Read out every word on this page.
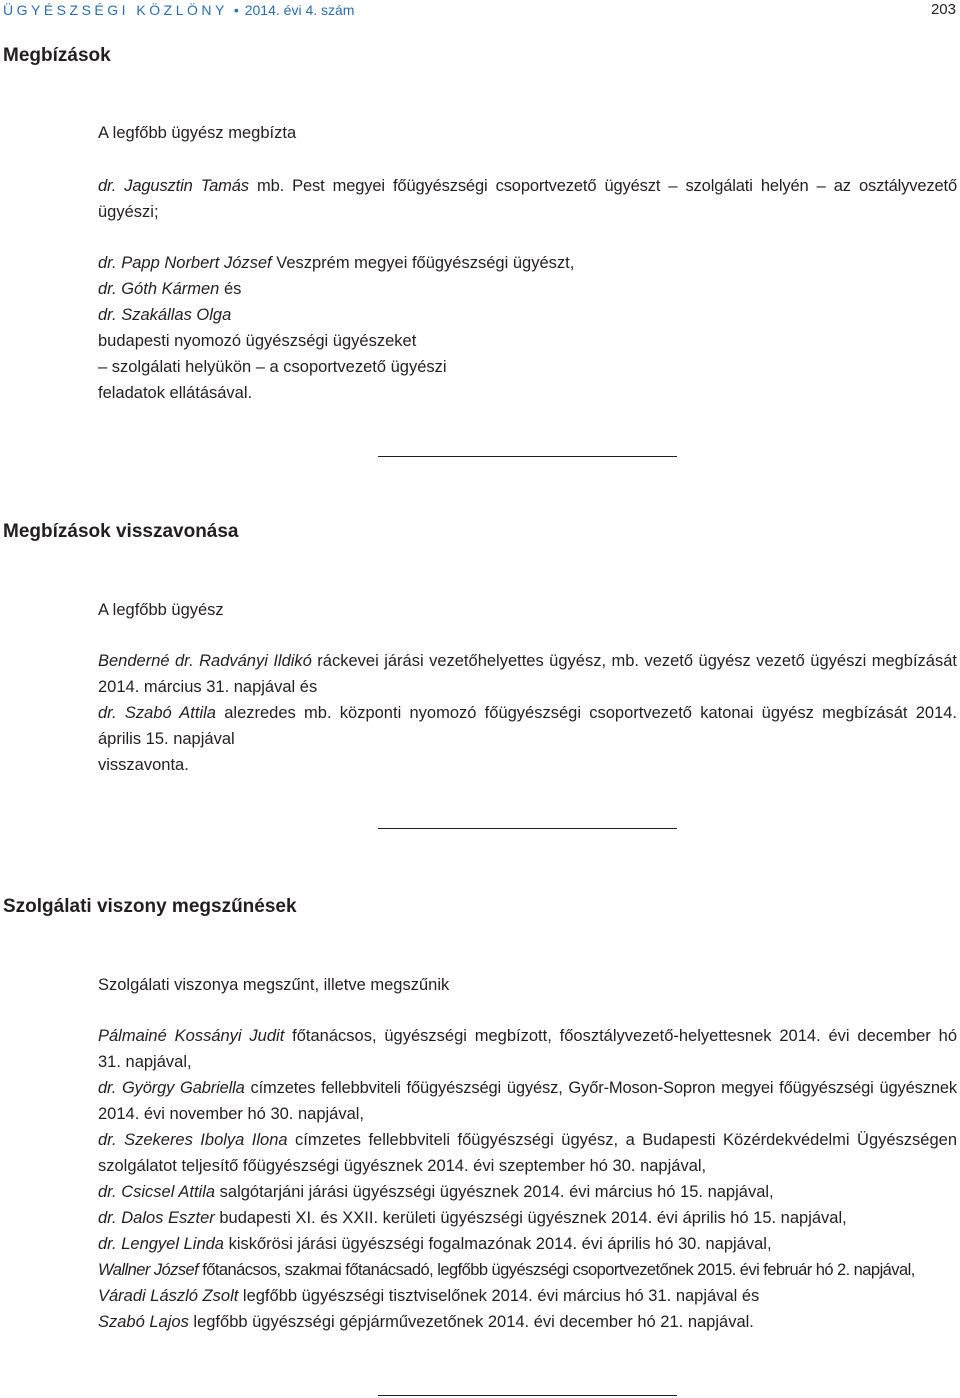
ÜGYÉSZSÉGI KÖZLÖNY • 2014. évi 4. szám	203
Megbízások

A legfőbb ügyész megbízta

dr. Jagusztin Tamás mb. Pest megyei főügyészségi csoportvezető ügyészt – szolgálati helyén – az osztályvezető

ügyészi;

dr. Papp Norbert József Veszprém megyei főügyészségi ügyészt,

dr. Góth Kármen és

dr. Szakállas Olga

budapesti nyomozó ügyészségi ügyészeket

– szolgálati helyükön – a csoportvezető ügyészi

feladatok ellátásával.

Megbízások visszavonása

A legfőbb ügyész

Benderné dr. Radványi Ildikó ráckevei járási vezetőhelyettes ügyész, mb. vezető ügyész vezető ügyészi megbízását

2014. március 31. napjával és

dr. Szabó Attila alezredes mb. központi nyomozó főügyészségi csoportvezető katonai ügyész megbízását 2014.

április 15. napjával

visszavonta.

Szolgálati viszony megszűnések

Szolgálati viszonya megszűnt, illetve megszűnik

Pálmainé Kossányi Judit főtanácsos, ügyészségi megbízott, főosztályvezető-helyettesnek 2014. évi december hó

31. napjával,

dr. György Gabriella címzetes fellebbviteli főügyészségi ügyész, Győr-Moson-Sopron megyei főügyészségi ügyésznek

2014. évi november hó 30. napjával,

dr. Szekeres Ibolya Ilona címzetes fellebbviteli főügyészségi ügyész, a Budapesti Közérdekvédelmi Ügyészségen

szolgálatot teljesítő főügyészségi ügyésznek 2014. évi szeptember hó 30. napjával,

dr. Csicsel Attila salgótarjáni járási ügyészségi ügyésznek 2014. évi március hó 15. napjával,

dr. Dalos Eszter budapesti XI. és XXII. kerületi ügyészségi ügyésznek 2014. évi április hó 15. napjával,

dr. Lengyel Linda kiskőrösi járási ügyészségi fogalmazónak 2014. évi április hó 30. napjával,

Wallner József főtanácsos, szakmai főtanácsadó, legfőbb ügyészségi csoportvezetőnek 2015. évi február hó 2. napjával,

Váradi László Zsolt legfőbb ügyészségi tisztviselőnek 2014. évi március hó 31. napjával és

Szabó Lajos legfőbb ügyészségi gépjárművezetőnek 2014. évi december hó 21. napjával.
